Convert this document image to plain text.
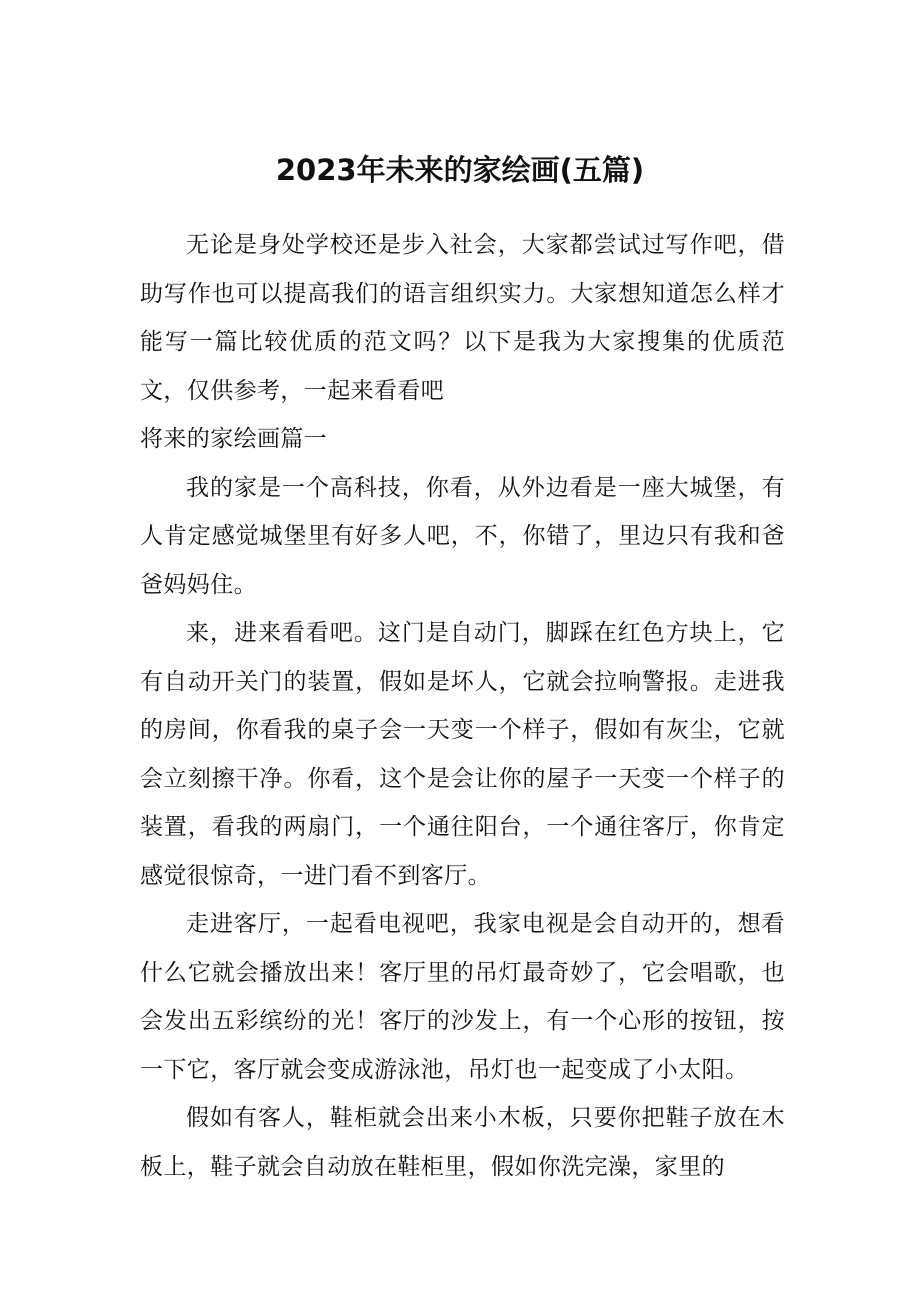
2023年未来的家绘画(五篇)

无论是身处学校还是步入社会，大家都尝试过写作吧，借助写作也可以提高我们的语言组织实力。大家想知道怎么样才能写一篇比较优质的范文吗？以下是我为大家搜集的优质范文，仅供参考，一起来看看吧

将来的家绘画篇一

我的家是一个高科技，你看，从外边看是一座大城堡，有人肯定感觉城堡里有好多人吧，不，你错了，里边只有我和爸爸妈妈住。

来，进来看看吧。这门是自动门，脚踩在红色方块上，它有自动开关门的装置，假如是坏人，它就会拉响警报。走进我的房间，你看我的桌子会一天变一个样子，假如有灰尘，它就会立刻擦干净。你看，这个是会让你的屋子一天变一个样子的装置，看我的两扇门，一个通往阳台，一个通往客厅，你肯定感觉很惊奇，一进门看不到客厅。

走进客厅，一起看电视吧，我家电视是会自动开的，想看什么它就会播放出来！客厅里的吊灯最奇妙了，它会唱歌，也会发出五彩缤纷的光！客厅的沙发上，有一个心形的按钮，按一下它，客厅就会变成游泳池，吊灯也一起变成了小太阳。

假如有客人，鞋柜就会出来小木板，只要你把鞋子放在木板上，鞋子就会自动放在鞋柜里，假如你洗完澡，家里的
